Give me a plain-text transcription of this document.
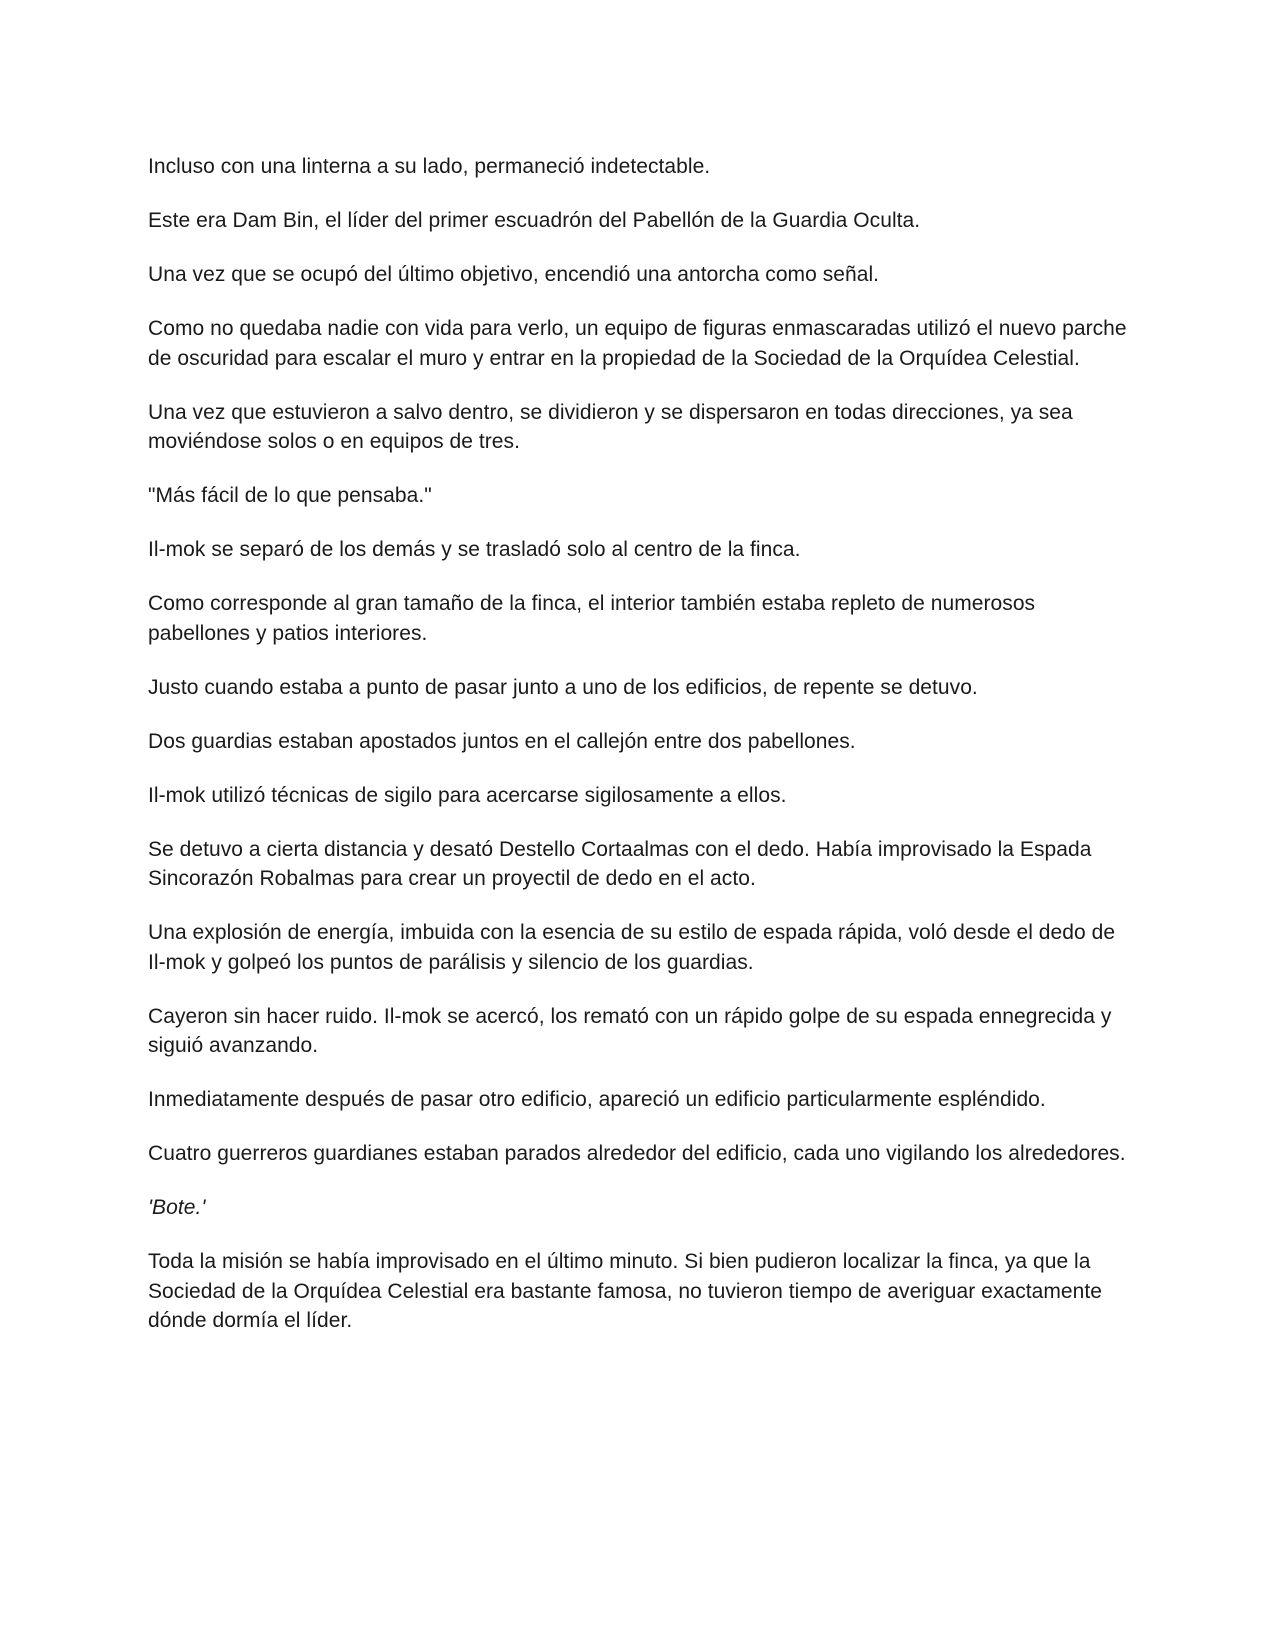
Incluso con una linterna a su lado, permaneció indetectable.

Este era Dam Bin, el líder del primer escuadrón del Pabellón de la Guardia Oculta.

Una vez que se ocupó del último objetivo, encendió una antorcha como señal.

Como no quedaba nadie con vida para verlo, un equipo de figuras enmascaradas utilizó el nuevo parche de oscuridad para escalar el muro y entrar en la propiedad de la Sociedad de la Orquídea Celestial.

Una vez que estuvieron a salvo dentro, se dividieron y se dispersaron en todas direcciones, ya sea moviéndose solos o en equipos de tres.

"Más fácil de lo que pensaba."

Il-mok se separó de los demás y se trasladó solo al centro de la finca.

Como corresponde al gran tamaño de la finca, el interior también estaba repleto de numerosos pabellones y patios interiores.

Justo cuando estaba a punto de pasar junto a uno de los edificios, de repente se detuvo.

Dos guardias estaban apostados juntos en el callejón entre dos pabellones.

Il-mok utilizó técnicas de sigilo para acercarse sigilosamente a ellos.

Se detuvo a cierta distancia y desató Destello Cortaalmas con el dedo. Había improvisado la Espada Sincorazón Robalmas para crear un proyectil de dedo en el acto.

Una explosión de energía, imbuida con la esencia de su estilo de espada rápida, voló desde el dedo de Il-mok y golpeó los puntos de parálisis y silencio de los guardias.

Cayeron sin hacer ruido. Il-mok se acercó, los remató con un rápido golpe de su espada ennegrecida y siguió avanzando.

Inmediatamente después de pasar otro edificio, apareció un edificio particularmente espléndido.

Cuatro guerreros guardianes estaban parados alrededor del edificio, cada uno vigilando los alrededores.

'Bote.'

Toda la misión se había improvisado en el último minuto. Si bien pudieron localizar la finca, ya que la Sociedad de la Orquídea Celestial era bastante famosa, no tuvieron tiempo de averiguar exactamente dónde dormía el líder.
